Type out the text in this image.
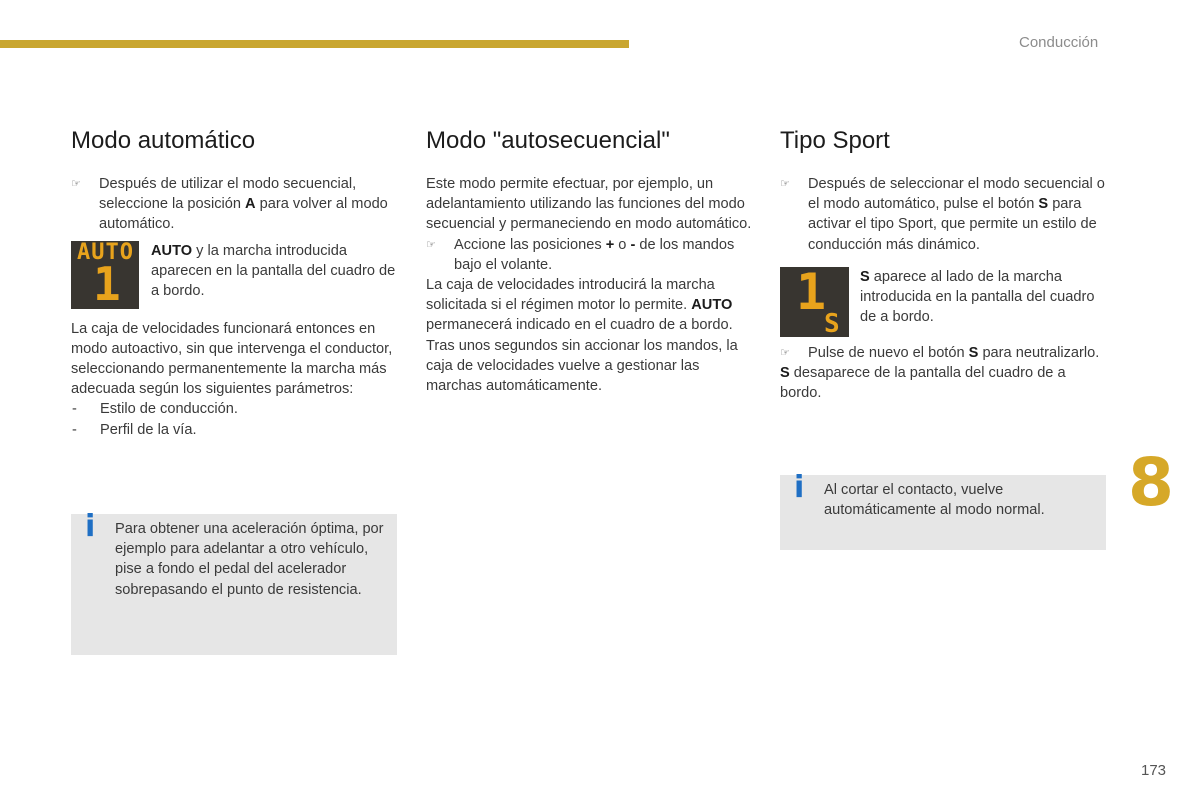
Conducción
Modo automático
☞	Después de utilizar el modo secuencial, seleccione la posición A para volver al modo automático.
AUTO
1

AUTO y la marcha introducida aparecen en la pantalla del cuadro de a bordo.

La caja de velocidades funcionará entonces en modo autoactivo, sin que intervenga el conductor, seleccionando permanentemente la marcha más adecuada según los siguientes parámetros:

- Estilo de conducción.
- Perfil de la vía.
i Para obtener una aceleración óptima, por ejemplo para adelantar a otro vehículo, pise a fondo el pedal del acelerador sobrepasando el punto de resistencia.

Modo "autosecuencial"

Este modo permite efectuar, por ejemplo, un adelantamiento utilizando las funciones del modo secuencial y permaneciendo en modo automático.

☞	Accione las posiciones + o - de los mandos bajo el volante.

La caja de velocidades introducirá la marcha solicitada si el régimen motor lo permite. AUTO permanecerá indicado en el cuadro de a bordo.

Tras unos segundos sin accionar los mandos, la caja de velocidades vuelve a gestionar las marchas automáticamente.

Tipo Sport
☞	Después de seleccionar el modo secuencial o el modo automático, pulse el botón S para activar el tipo Sport, que permite un estilo de conducción más dinámico.
1
S

S aparece al lado de la marcha introducida en la pantalla del cuadro de a bordo.

☞	Pulse de nuevo el botón S para neutralizarlo.

S desaparece de la pantalla del cuadro de a bordo.

i Al cortar el contacto, vuelve automáticamente al modo normal.	8
173
